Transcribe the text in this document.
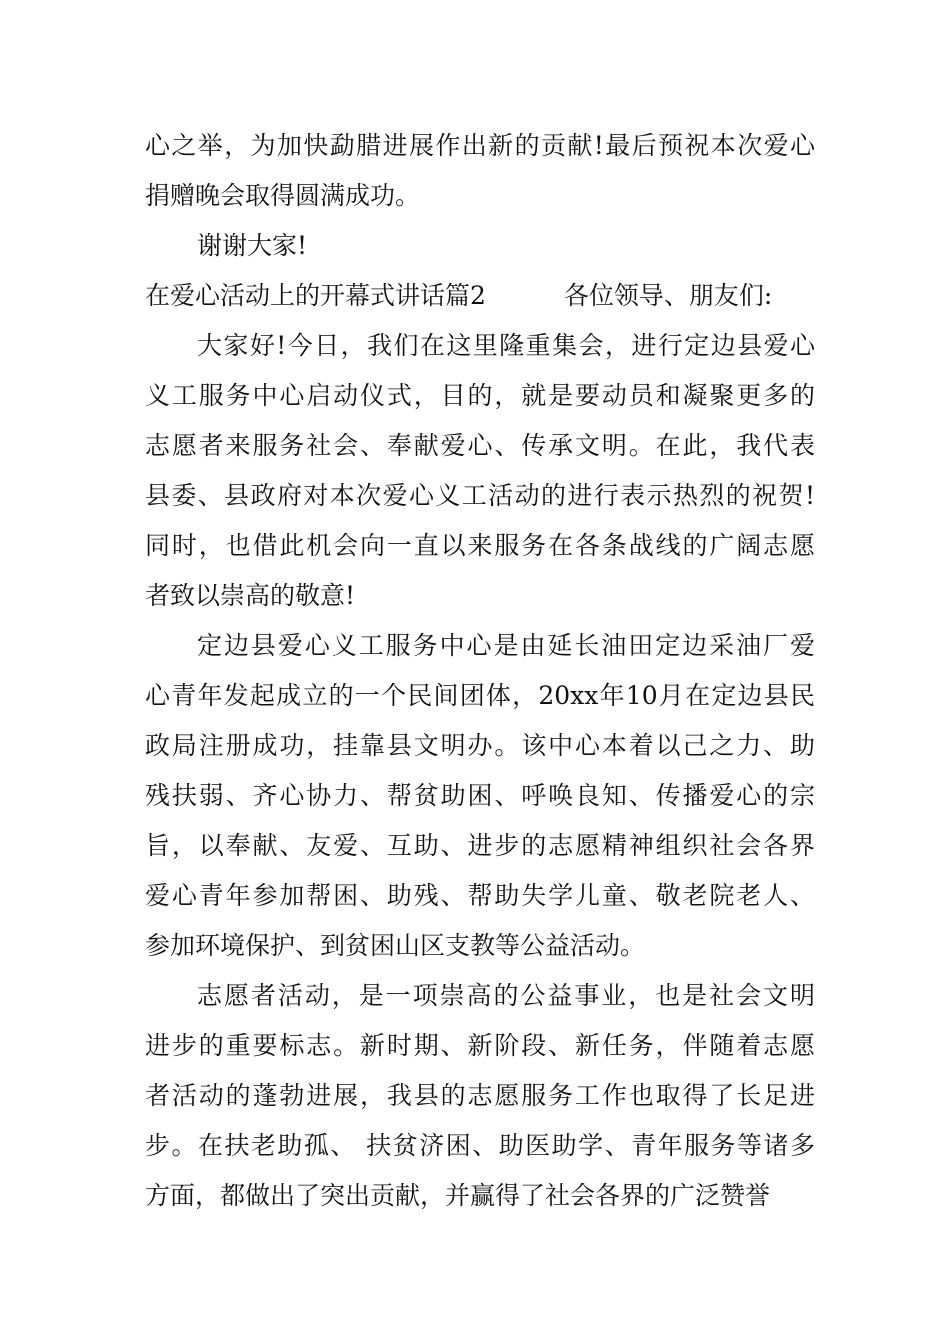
心之举，为加快勐腊进展作出新的贡献!最后预祝本次爱心
捐赠晚会取得圆满成功。
谢谢大家!
在爱心活动上的开幕式讲话篇2	各位领导、朋友们:
大家好!今日，我们在这里隆重集会，进行定边县爱心
义工服务中心启动仪式，目的，就是要动员和凝聚更多的
志愿者来服务社会、奉献爱心、传承文明。在此，我代表
县委、县政府对本次爱心义工活动的进行表示热烈的祝贺!
同时，也借此机会向一直以来服务在各条战线的广阔志愿
者致以崇高的敬意!
定边县爱心义工服务中心是由延长油田定边采油厂爱
心青年发起成立的一个民间团体，20xx年10月在定边县民
政局注册成功，挂靠县文明办。该中心本着以己之力、助
残扶弱、齐心协力、帮贫助困、呼唤良知、传播爱心的宗
旨，以奉献、友爱、互助、进步的志愿精神组织社会各界
爱心青年参加帮困、助残、帮助失学儿童、敬老院老人、
参加环境保护、到贫困山区支教等公益活动。
志愿者活动，是一项崇高的公益事业，也是社会文明
进步的重要标志。新时期、新阶段、新任务，伴随着志愿
者活动的蓬勃进展，我县的志愿服务工作也取得了长足进
步。在扶老助孤、 扶贫济困、助医助学、青年服务等诸多
方面，都做出了突出贡献，并赢得了社会各界的广泛赞誉
